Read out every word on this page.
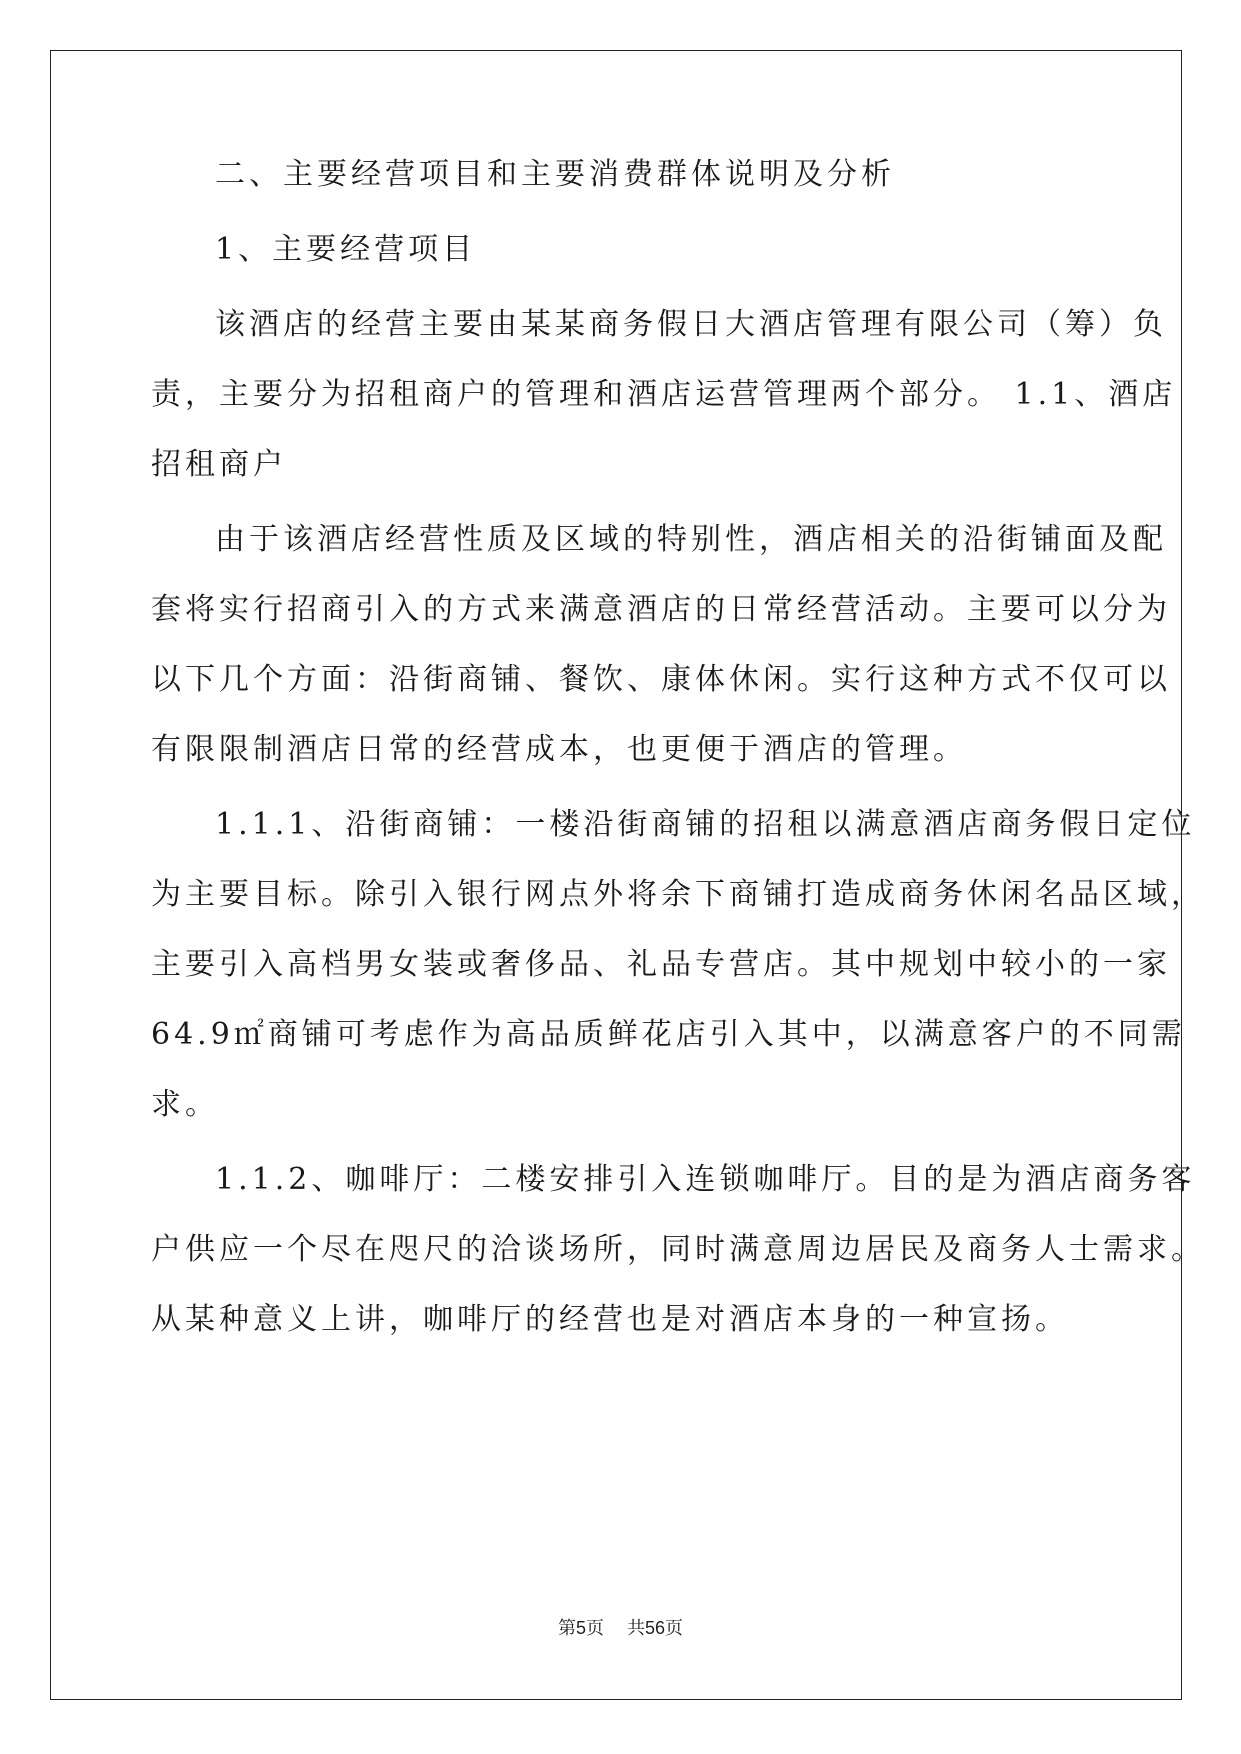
二、主要经营项目和主要消费群体说明及分析
1、主要经营项目
该酒店的经营主要由某某商务假日大酒店管理有限公司（筹）负
责，主要分为招租商户的管理和酒店运营管理两个部分。 1.1、酒店
招租商户
由于该酒店经营性质及区域的特别性，酒店相关的沿街铺面及配
套将实行招商引入的方式来满意酒店的日常经营活动。主要可以分为
以下几个方面：沿街商铺、餐饮、康体休闲。实行这种方式不仅可以
有限限制酒店日常的经营成本，也更便于酒店的管理。
1.1.1、沿街商铺：一楼沿街商铺的招租以满意酒店商务假日定位
为主要目标。除引入银行网点外将余下商铺打造成商务休闲名品区域，
主要引入高档男女装或奢侈品、礼品专营店。其中规划中较小的一家
64.9㎡商铺可考虑作为高品质鲜花店引入其中，以满意客户的不同需
求。
1.1.2、咖啡厅：二楼安排引入连锁咖啡厅。目的是为酒店商务客
户供应一个尽在咫尺的洽谈场所，同时满意周边居民及商务人士需求。
从某种意义上讲，咖啡厅的经营也是对酒店本身的一种宣扬。
第5页 共56页
